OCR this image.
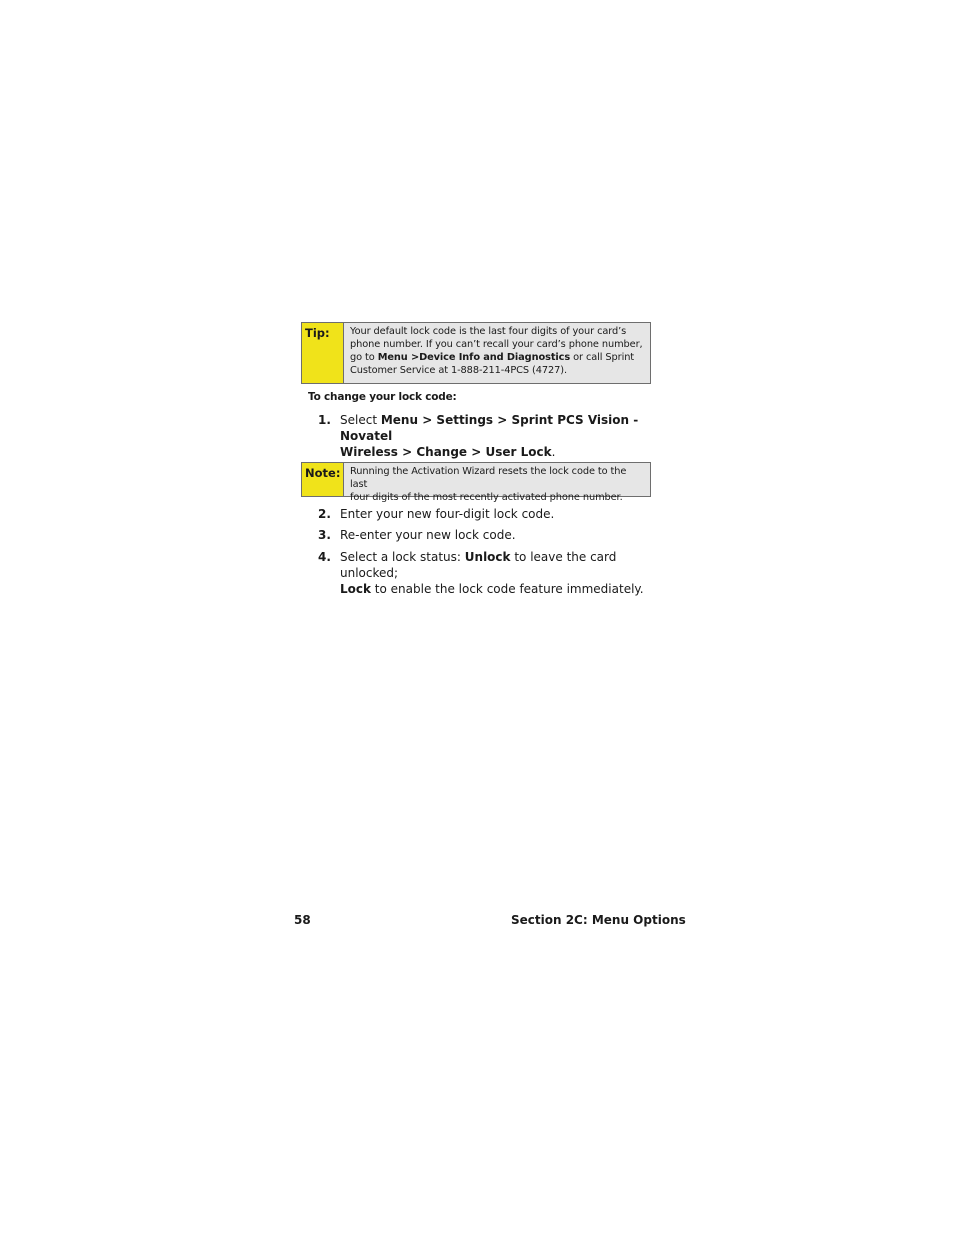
Tip:	Your default lock code is the last four digits of your card’s
phone number. If you can’t recall your card’s phone number,
go to Menu >Device Info and Diagnostics or call Sprint
Customer Service at 1-888-211-4PCS (4727).
To change your lock code:
1. Select Menu > Settings > Sprint PCS Vision - Novatel
Wireless > Change > User Lock.
Note: Running the Activation Wizard resets the lock code to the last
four digits of the most recently activated phone number.
2. Enter your new four-digit lock code.
3. Re-enter your new lock code.
4. Select a lock status: Unlock to leave the card unlocked;
Lock to enable the lock code feature immediately.
58	Section 2C: Menu Options
